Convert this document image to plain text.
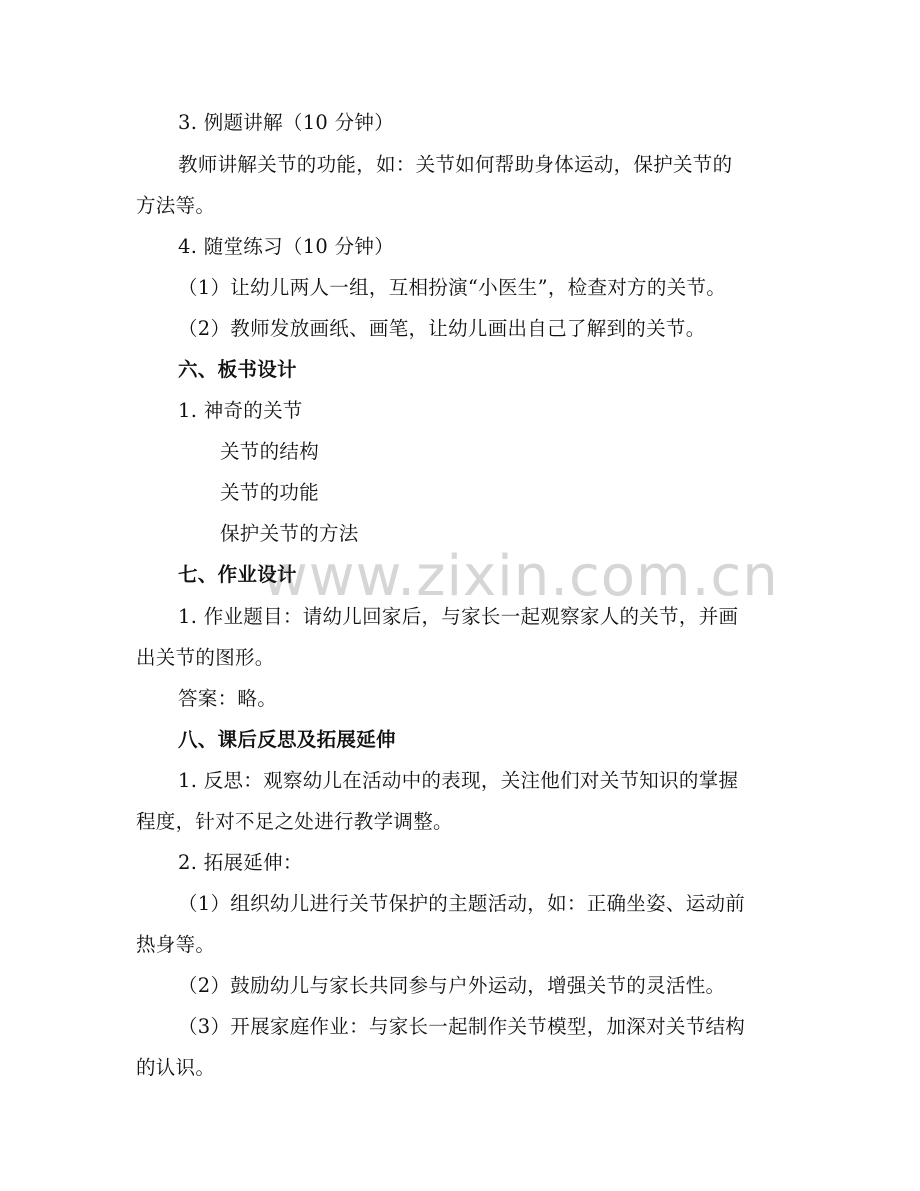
www.zixin.com.cn
3. 例题讲解（10 分钟）
教师讲解关节的功能，如：关节如何帮助身体运动，保护关节的
方法等。
4. 随堂练习（10 分钟）
（1）让幼儿两人一组，互相扮演“小医生”，检查对方的关节。
（2）教师发放画纸、画笔，让幼儿画出自己了解到的关节。
六、板书设计
1. 神奇的关节
关节的结构
关节的功能
保护关节的方法
七、作业设计
1. 作业题目：请幼儿回家后，与家长一起观察家人的关节，并画
出关节的图形。
答案：略。
八、课后反思及拓展延伸
1. 反思：观察幼儿在活动中的表现，关注他们对关节知识的掌握
程度，针对不足之处进行教学调整。
2. 拓展延伸：
（1）组织幼儿进行关节保护的主题活动，如：正确坐姿、运动前
热身等。
（2）鼓励幼儿与家长共同参与户外运动，增强关节的灵活性。
（3）开展家庭作业：与家长一起制作关节模型，加深对关节结构
的认识。
